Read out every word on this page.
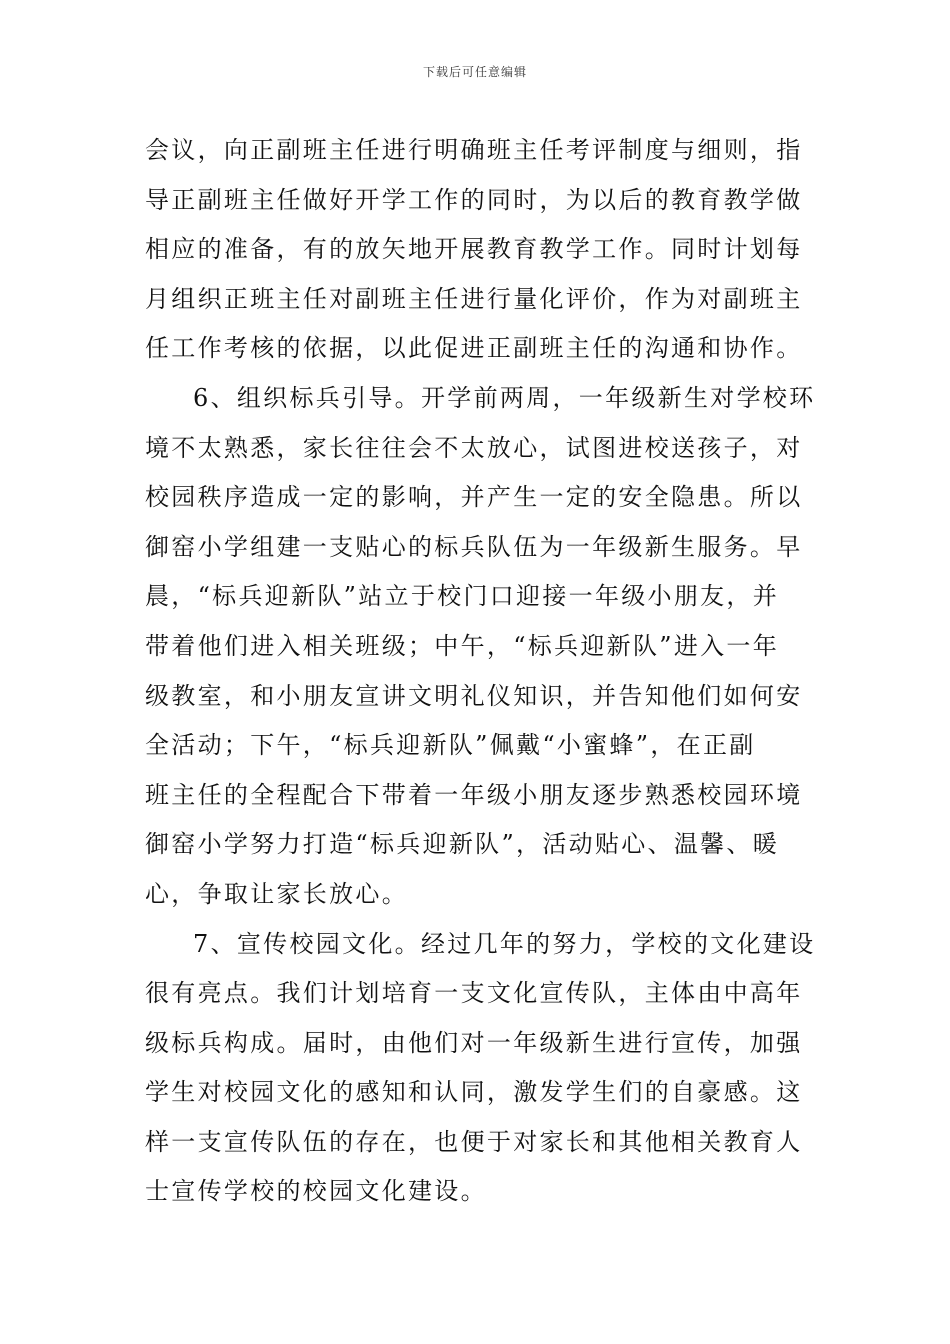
下载后可任意编辑
会议，向正副班主任进行明确班主任考评制度与细则，指
导正副班主任做好开学工作的同时，为以后的教育教学做
相应的准备，有的放矢地开展教育教学工作。同时计划每
月组织正班主任对副班主任进行量化评价，作为对副班主
任工作考核的依据，以此促进正副班主任的沟通和协作。
6、组织标兵引导。开学前两周，一年级新生对学校环
境不太熟悉，家长往往会不太放心，试图进校送孩子，对
校园秩序造成一定的影响，并产生一定的安全隐患。所以
御窑小学组建一支贴心的标兵队伍为一年级新生服务。早
晨，“标兵迎新队”站立于校门口迎接一年级小朋友，并
带着他们进入相关班级；中午，“标兵迎新队”进入一年
级教室，和小朋友宣讲文明礼仪知识，并告知他们如何安
全活动；下午，“标兵迎新队”佩戴“小蜜蜂”，在正副
班主任的全程配合下带着一年级小朋友逐步熟悉校园环境
御窑小学努力打造“标兵迎新队”，活动贴心、温馨、暖
心，争取让家长放心。
7、宣传校园文化。经过几年的努力，学校的文化建设
很有亮点。我们计划培育一支文化宣传队，主体由中高年
级标兵构成。届时，由他们对一年级新生进行宣传，加强
学生对校园文化的感知和认同，激发学生们的自豪感。这
样一支宣传队伍的存在，也便于对家长和其他相关教育人
士宣传学校的校园文化建设。
